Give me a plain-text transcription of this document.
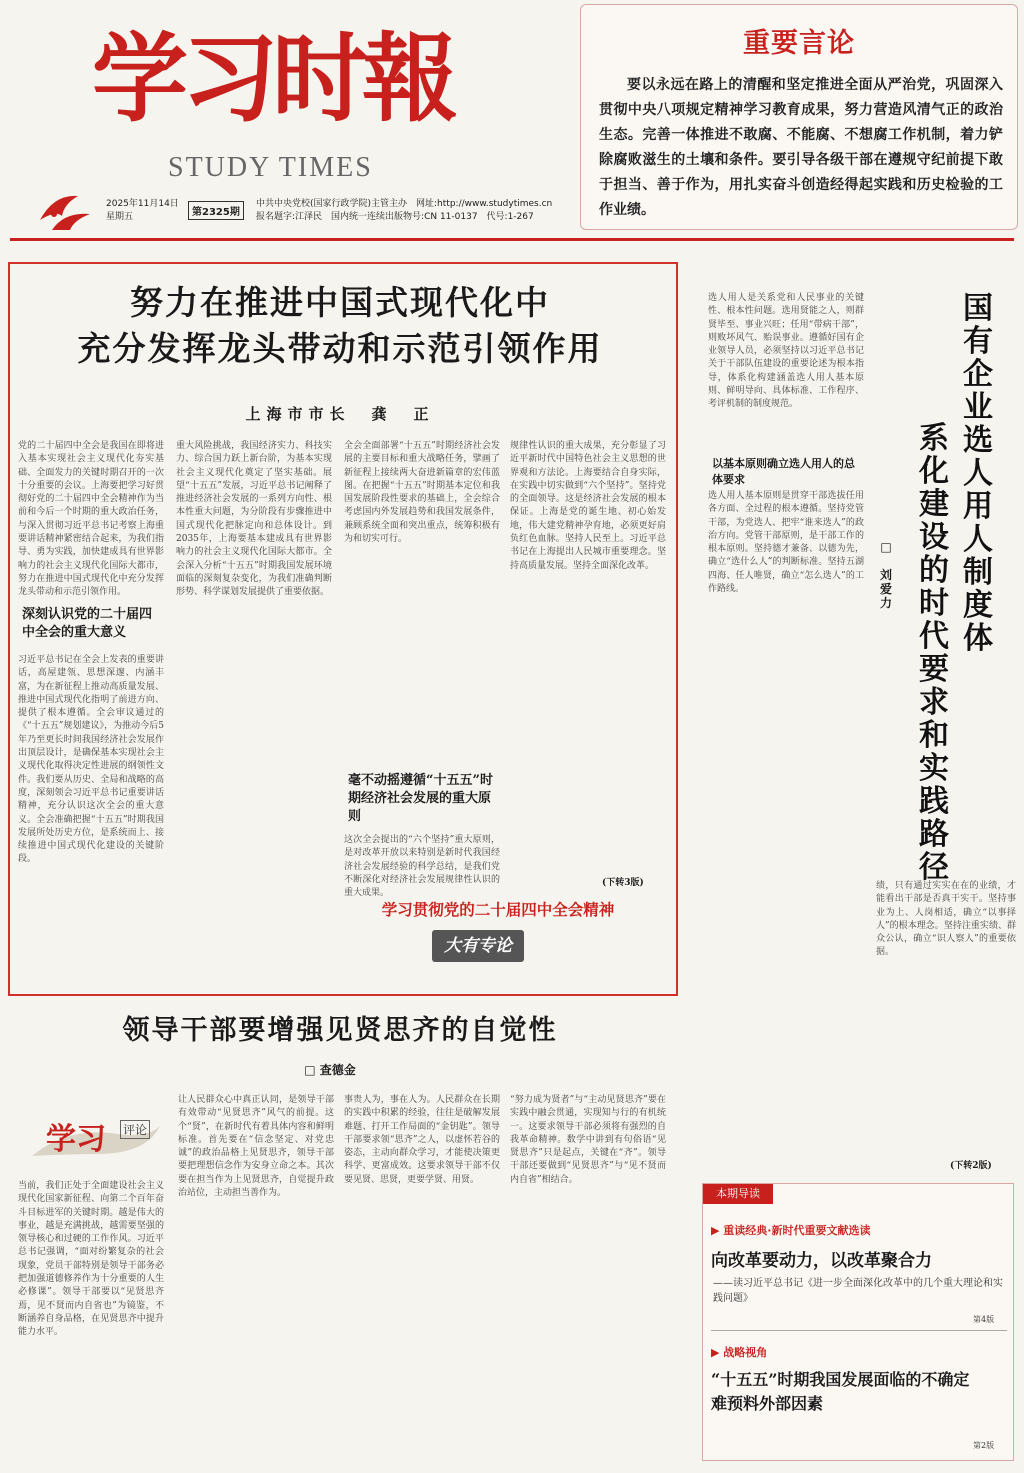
学习时報
STUDY TIMES
2025年11月14日
星期五	第2325期
中共中央党校(国家行政学院)主管主办　网址:http://www.studytimes.cn
报名题字:江泽民　国内统一连续出版物号:CN 11-0137　代号:1-267
重要言论

要以永远在路上的清醒和坚定推进全面从严治党，巩固深入贯彻中央八项规定精神学习教育成果，努力营造风清气正的政治生态。完善一体推进不敢腐、不能腐、不想腐工作机制，着力铲除腐败滋生的土壤和条件。要引导各级干部在遵规守纪前提下敢于担当、善于作为，用扎实奋斗创造经得起实践和历史检验的工作业绩。

努力在推进中国式现代化中
充分发挥龙头带动和示范引领作用
上海市市长　龚　正
党的二十届四中全会是我国在即将进入基本实现社会主义现代化夯实基础、全面发力的关键时期召开的一次十分重要的会议。上海要把学习好贯彻好党的二十届四中全会精神作为当前和今后一个时期的重大政治任务，与深入贯彻习近平总书记考察上海重要讲话精神紧密结合起来，为我们指导、勇为实践，加快建成具有世界影响力的社会主义现代化国际大都市，努力在推进中国式现代化中充分发挥龙头带动和示范引领作用。
深刻认识党的二十届四中全会的重大意义
习近平总书记在全会上发表的重要讲话，高屋建瓴、思想深邃、内涵丰富，为在新征程上推动高质量发展、推进中国式现代化指明了前进方向、提供了根本遵循。全会审议通过的《“十五五”规划建议》，为推动今后5年乃至更长时间我国经济社会发展作出顶层设计，是确保基本实现社会主义现代化取得决定性进展的纲领性文件。我们要从历史、全局和战略的高度，深刻领会习近平总书记重要讲话精神，充分认识这次全会的重大意义。全会准确把握“十五五”时期我国发展所处历史方位，是系统而上、接续推进中国式现代化建设的关键阶段。
重大风险挑战，我国经济实力、科技实力、综合国力跃上新台阶，为基本实现社会主义现代化奠定了坚实基础。展望“十五五”发展，习近平总书记阐释了推进经济社会发展的一系列方向性、根本性重大问题，为分阶段有步骤推进中国式现代化把脉定向和总体设计。到2035年，上海要基本建成具有世界影响力的社会主义现代化国际大都市。全会深入分析“十五五”时期我国发展环境面临的深刻复杂变化，为我们准确判断形势、科学谋划发展提供了重要依据。
全会全面部署“十五五”时期经济社会发展的主要目标和重大战略任务，擘画了新征程上接续两大奋进新篇章的宏伟蓝图。在把握“十五五”时期基本定位和我国发展阶段性要求的基础上，全会综合考虑国内外发展趋势和我国发展条件，兼顾系统全面和突出重点，统筹积极有为和切实可行。
毫不动摇遵循“十五五”时期经济社会发展的重大原则
这次全会提出的“六个坚持”重大原则，是对改革开放以来特别是新时代我国经济社会发展经验的科学总结，是我们党不断深化对经济社会发展规律性认识的重大成果。
规律性认识的重大成果，充分彰显了习近平新时代中国特色社会主义思想的世界观和方法论。上海要结合自身实际，在实践中切实做到“六个坚持”。坚持党的全面领导。这是经济社会发展的根本保证。上海是党的诞生地、初心始发地，伟大建党精神孕育地，必须更好肩负红色血脉。坚持人民至上。习近平总书记在上海提出人民城市重要理念。坚持高质量发展。坚持全面深化改革。
(下转3版)
学习贯彻党的二十届四中全会精神
大有专论
选人用人是关系党和人民事业的关键性、根本性问题。选用贤能之人，则群贤毕至、事业兴旺；任用“带病干部”，则败坏风气、贻误事业。遵循好国有企业领导人员，必须坚持以习近平总书记关于干部队伍建设的重要论述为根本指导，体系化构建涵盖选人用人基本原则、鲜明导向、具体标准、工作程序、考评机制的制度规范。
以基本原则确立选人用人的总体要求
选人用人基本原则是贯穿干部选拔任用各方面、全过程的根本遵循。坚持党管干部，为党选人、把牢“谁来选人”的政治方向。党管干部原则，是干部工作的根本原则。坚持德才兼备、以德为先，确立“选什么人”的判断标准。坚持五湖四海、任人唯贤，确立“怎么选人”的工作路线。
国
有
企
业
选
人
用
人
制
度
体
系
化
建
设
的
时
代
要
求
和
实
践
路
径
□

刘
爱
力
绩，只有通过实实在在的业绩，才能看出干部是否真干实干。坚持事业为上、人岗相适，确立“以事择人”的根本理念。坚持注重实绩、群众公认，确立“识人察人”的重要依据。
(下转2版)
领导干部要增强见贤思齐的自觉性
□ 查德金
学习 评论
当前，我们正处于全面建设社会主义现代化国家新征程、向第二个百年奋斗目标进军的关键时期。越是伟大的事业，越是充满挑战，越需要坚强的领导核心和过硬的工作作风。习近平总书记强调，“面对纷繁复杂的社会现象，党员干部特别是领导干部务必把加强道德修养作为十分重要的人生必修课”。领导干部要以“见贤思齐焉，见不贤而内自省也”为镜鉴，不断涵养自身品格，在见贤思齐中提升能力水平。
让人民群众心中真正认同，是领导干部有效带动“见贤思齐”风气的前提。这个“贤”，在新时代有着具体内容和鲜明标准。首先要在“信念坚定、对党忠诚”的政治品格上见贤思齐，领导干部要把理想信念作为安身立命之本。其次要在担当作为上见贤思齐，自觉提升政治站位，主动担当善作为。
事贵人为，事在人为。人民群众在长期的实践中积累的经验，往往是破解发展难题、打开工作局面的“金钥匙”。领导干部要求领“思齐”之人，以虚怀若谷的姿态，主动向群众学习，才能使决策更科学、更富成效。这要求领导干部不仅要见贤、思贤，更要学贤、用贤。
“努力成为贤者”与“主动见贤思齐”要在实践中融会贯通，实现知与行的有机统一。这要求领导干部必须将有强烈的自我革命精神。数学中讲到有句俗语“见贤思齐”只是起点，关键在“齐”。领导干部还要做到“见贤思齐”与“见不贤而内自省”相结合。
本期导读
▶ 重读经典·新时代重要文献选读
向改革要动力，以改革聚合力
——读习近平总书记《进一步全面深化改革中的几个重大理论和实践问题》
第4版
▶ 战略视角
“十五五”时期我国发展面临的不确定难预料外部因素
第2版
